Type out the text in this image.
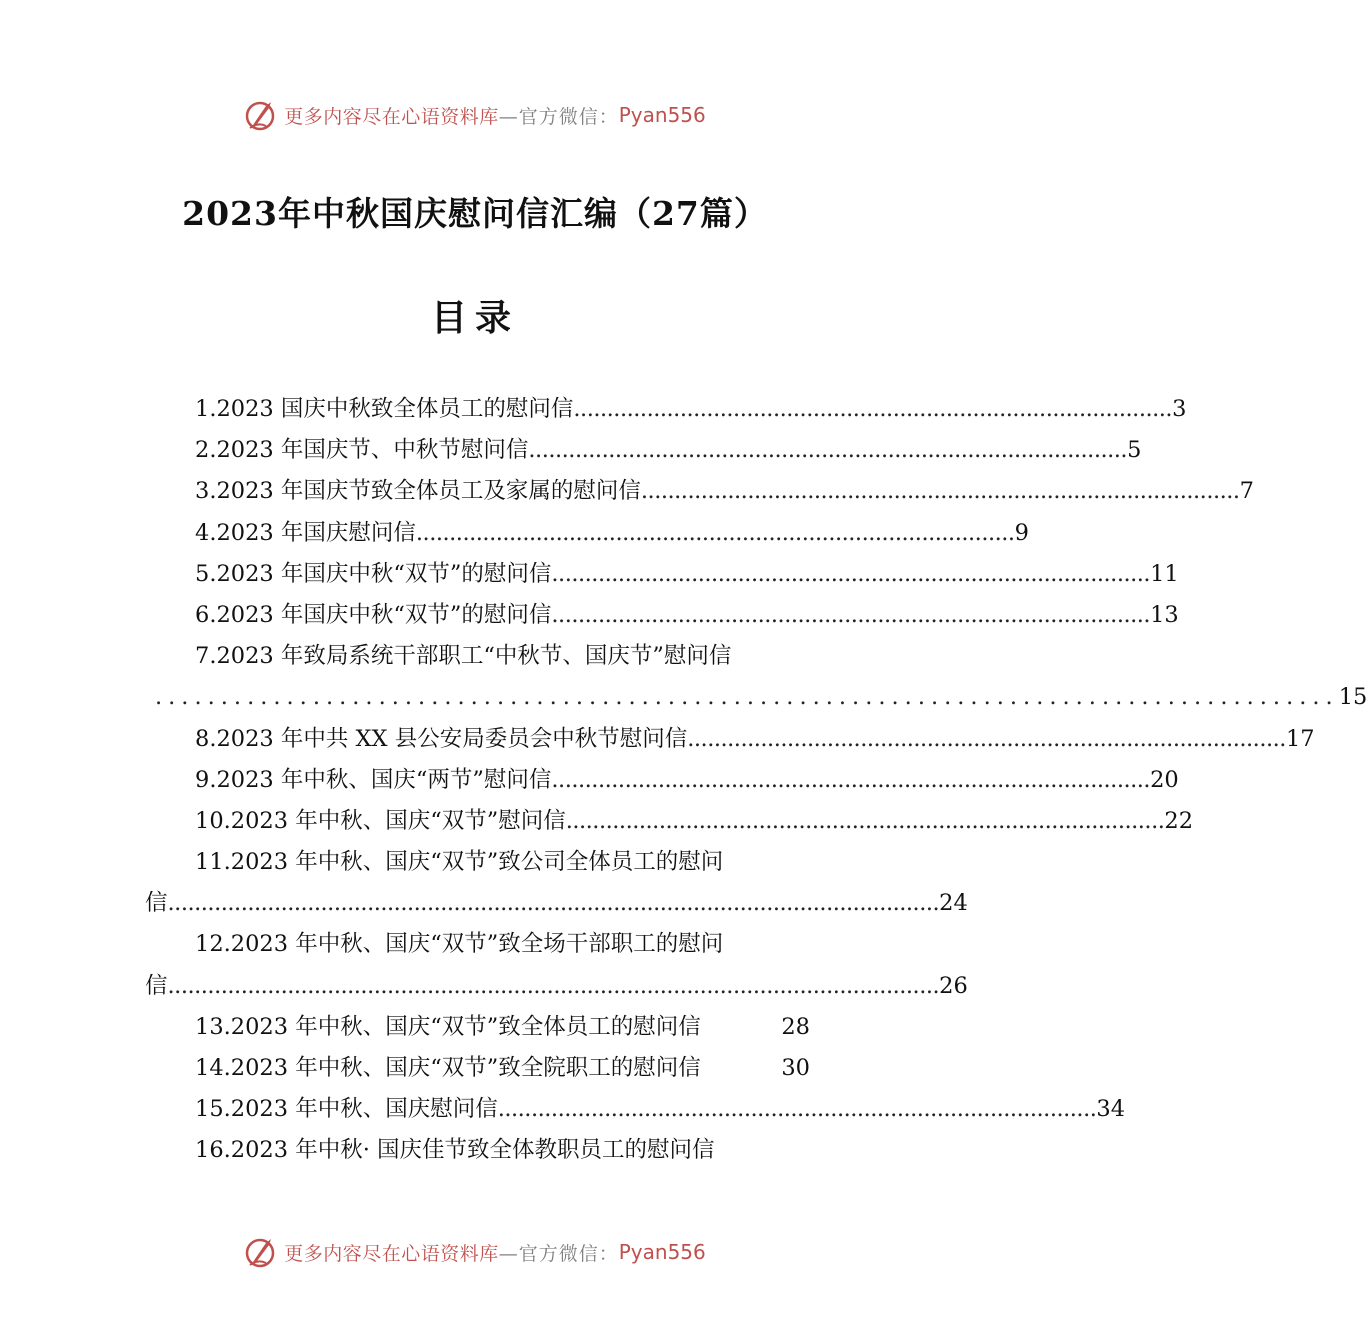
更多内容尽在心语资料库 —官方微信： Pyan556
2023年中秋国庆慰问信汇编（27篇）
目录
1.2023 国庆中秋致全体员工的慰问信 .......................................................................................... 3
2.2023 年国庆节、中秋节慰问信 .......................................................................................... 5
3.2023 年国庆节致全体员工及家属的慰问信 .......................................................................................... 7
4.2023 年国庆慰问信 .......................................................................................... 9
5.2023 年国庆中秋“双节”的慰问信 .......................................................................................... 11
6.2023 年国庆中秋“双节”的慰问信 .......................................................................................... 13
7.2023 年致局系统干部职工“中秋节、国庆节”慰问信
.......................................................................................... 15
8.2023 年中共 XX 县公安局委员会中秋节慰问信 .......................................................................................... 17
9.2023 年中秋、国庆“两节”慰问信 .......................................................................................... 20
10.2023 年中秋、国庆“双节”慰问信 .......................................................................................... 22
11.2023 年中秋、国庆“双节”致公司全体员工的慰问
信 .................................................................................................................... 24
12.2023 年中秋、国庆“双节”致全场干部职工的慰问
信 .................................................................................................................... 26
13.2023 年中秋、国庆“双节”致全体员工的慰问信	28
14.2023 年中秋、国庆“双节”致全院职工的慰问信	30
15.2023 年中秋、国庆慰问信 .......................................................................................... 34
16.2023 年中秋· 国庆佳节致全体教职员工的慰问信
更多内容尽在心语资料库 —官方微信： Pyan556
